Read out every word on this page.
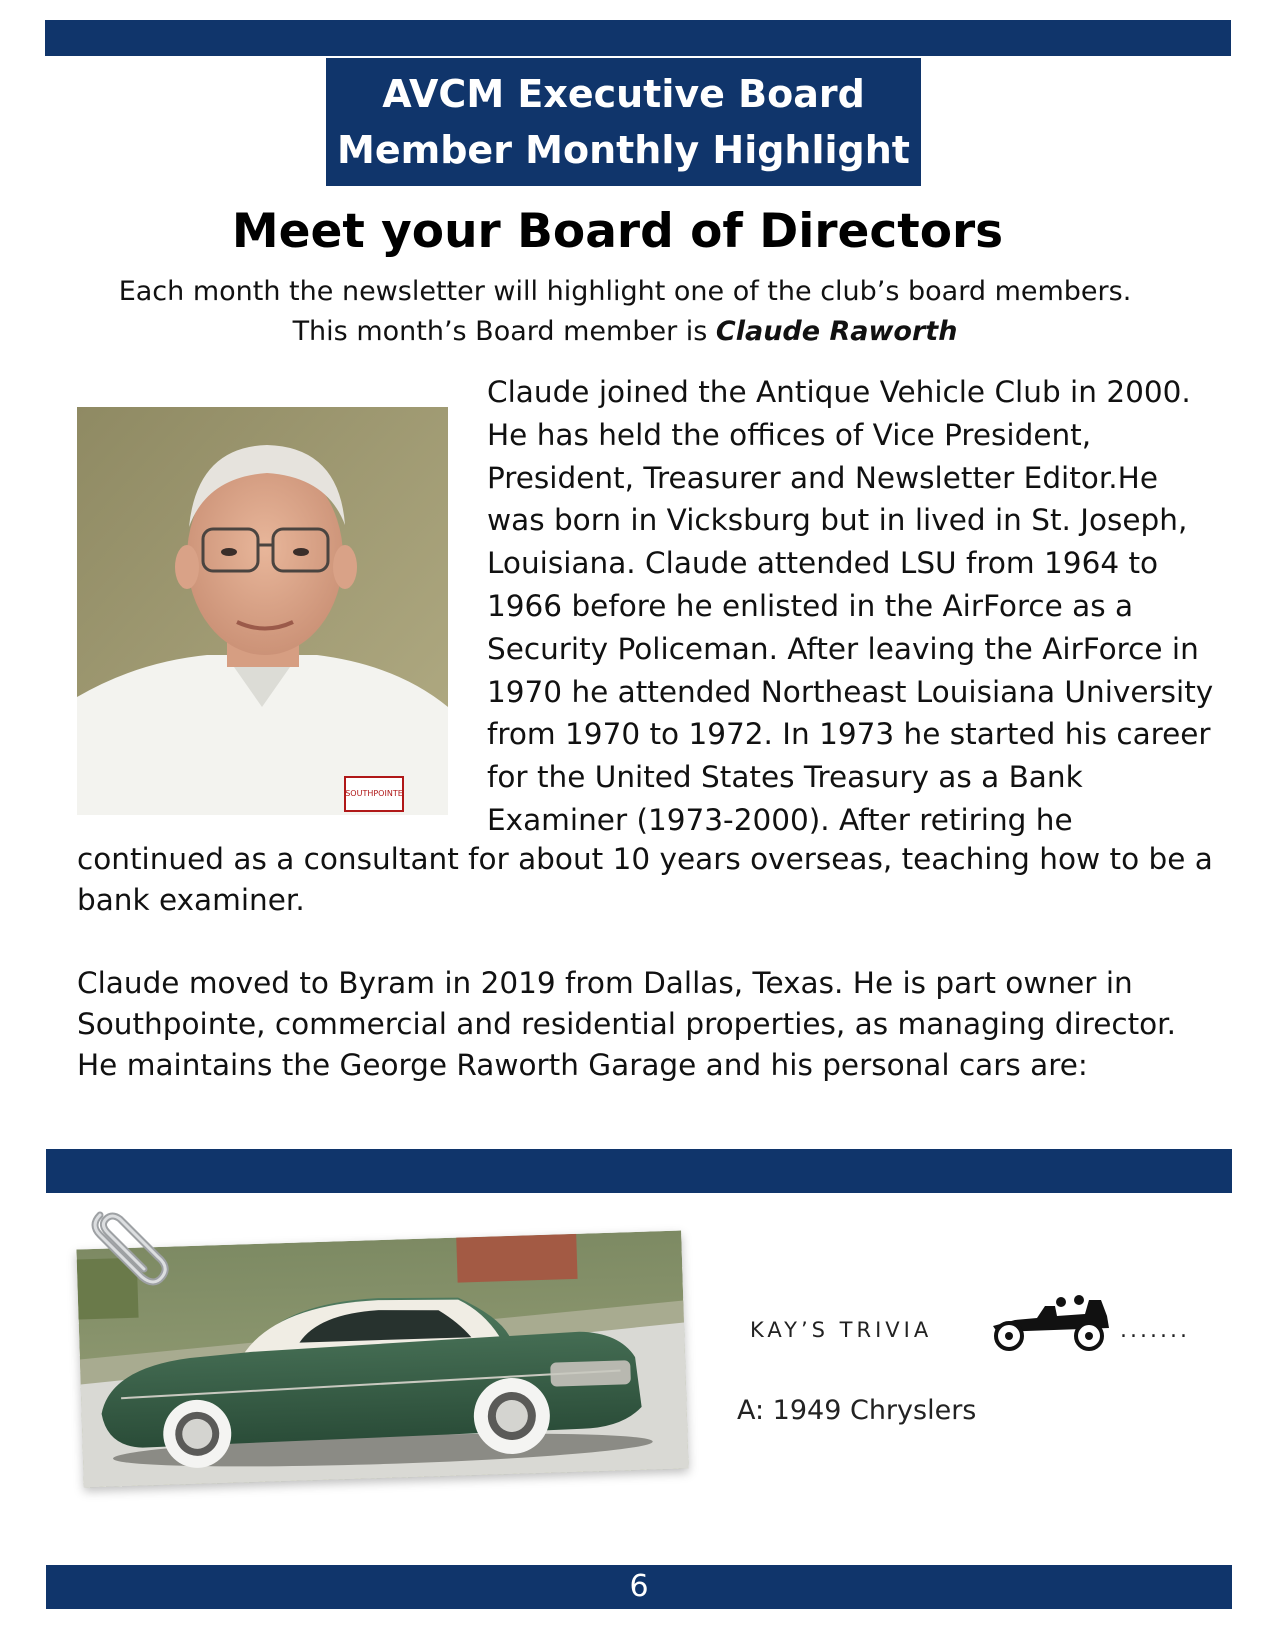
AVCM Executive Board
Member Monthly Highlight
Meet your Board of Directors
Each month the newsletter will highlight one of the club’s board members.
This month’s Board member is Claude Raworth
SOUTHPOINTE
Claude joined the Antique Vehicle Club in 2000.
He has held the offices of Vice President,
President, Treasurer and Newsletter Editor.He
was born in Vicksburg but in lived in St. Joseph,
Louisiana. Claude attended LSU from 1964 to
1966 before he enlisted in the AirForce as a
Security Policeman. After leaving the AirForce in
1970 he attended Northeast Louisiana University
from 1970 to 1972. In 1973 he started his career
for the United States Treasury as a Bank
Examiner (1973-2000). After retiring he
continued as a consultant for about 10 years overseas, teaching how to be a
bank examiner.
Claude moved to Byram in 2019 from Dallas, Texas. He is part owner in
Southpointe, commercial and residential properties, as managing director.
He maintains the George Raworth Garage and his personal cars are:
KAY’S TRIVIA	.......
A: 1949 Chryslers
6
